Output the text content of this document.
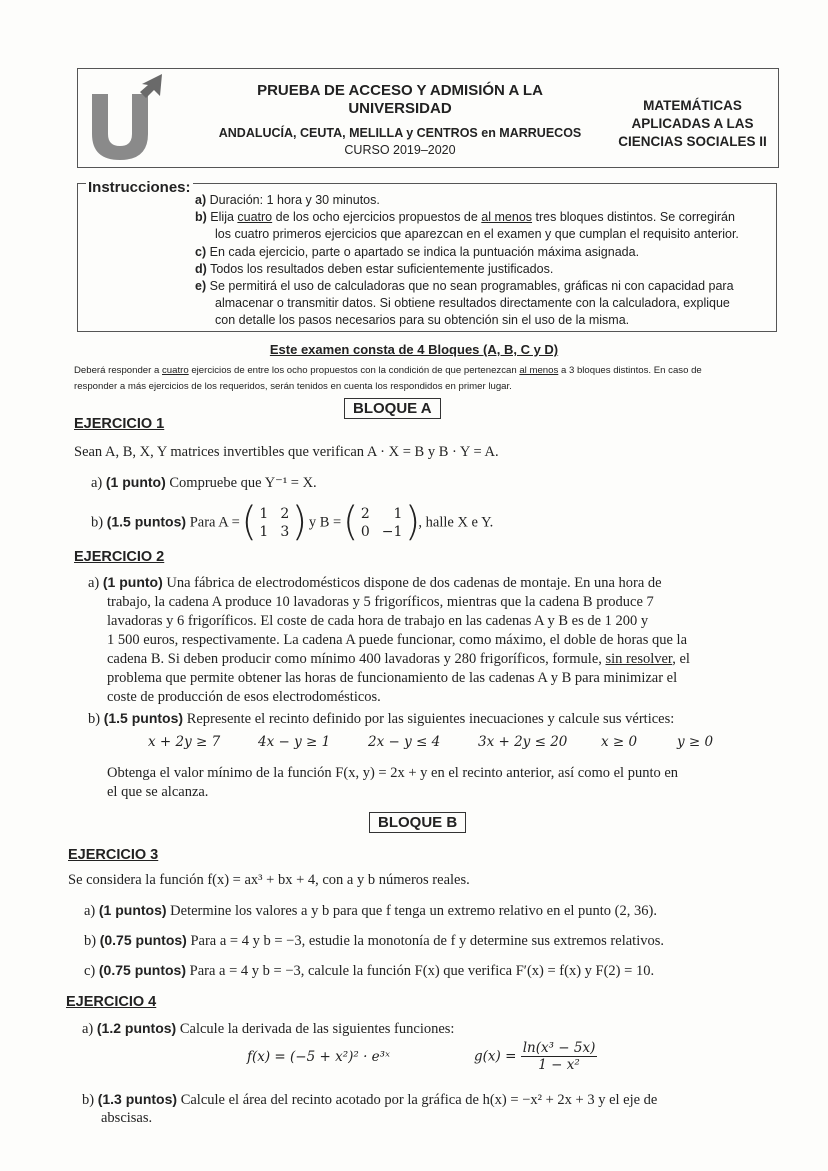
PRUEBA DE ACCESO Y ADMISIÓN A LA
UNIVERSIDAD
ANDALUCÍA, CEUTA, MELILLA y CENTROS en MARRUECOS
CURSO 2019–2020
MATEMÁTICAS
APLICADAS A LAS
CIENCIAS SOCIALES II
Instrucciones:
a) Duración: 1 hora y 30 minutos.
b) Elija cuatro de los ocho ejercicios propuestos de al menos tres bloques distintos. Se corregirán
los cuatro primeros ejercicios que aparezcan en el examen y que cumplan el requisito anterior.
c) En cada ejercicio, parte o apartado se indica la puntuación máxima asignada.
d) Todos los resultados deben estar suficientemente justificados.
e) Se permitirá el uso de calculadoras que no sean programables, gráficas ni con capacidad para
almacenar o transmitir datos. Si obtiene resultados directamente con la calculadora, explique
con detalle los pasos necesarios para su obtención sin el uso de la misma.
Este examen consta de 4 Bloques (A, B, C y D)
Deberá responder a cuatro ejercicios de entre los ocho propuestos con la condición de que pertenezcan al menos a 3 bloques distintos. En caso de
responder a más ejercicios de los requeridos, serán tenidos en cuenta los respondidos en primer lugar.
BLOQUE A
EJERCICIO 1
Sean A, B, X, Y matrices invertibles que verifican A · X = B y B · Y = A.
a) (1 punto) Compruebe que Y⁻¹ = X.
b) (1.5 puntos) Para A = ( 1	2
1	3 ) y B = ( 2	1
0	−1 )
, halle X e Y.
EJERCICIO 2
a) (1 punto) Una fábrica de electrodomésticos dispone de dos cadenas de montaje. En una hora de
trabajo, la cadena A produce 10 lavadoras y 5 frigoríficos, mientras que la cadena B produce 7
lavadoras y 6 frigoríficos. El coste de cada hora de trabajo en las cadenas A y B es de 1 200 y
1 500 euros, respectivamente. La cadena A puede funcionar, como máximo, el doble de horas que la
cadena B. Si deben producir como mínimo 400 lavadoras y 280 frigoríficos, formule, sin resolver, el
problema que permite obtener las horas de funcionamiento de las cadenas A y B para minimizar el
coste de producción de esos electrodomésticos.
b) (1.5 puntos) Represente el recinto definido por las siguientes inecuaciones y calcule sus vértices:
x + 2y ≥ 7	4x − y ≥ 1	2x − y ≤ 4	3x + 2y ≤ 20 x ≥ 0	y ≥ 0
Obtenga el valor mínimo de la función F(x, y) = 2x + y en el recinto anterior, así como el punto en
el que se alcanza.
BLOQUE B
EJERCICIO 3
Se considera la función f(x) = ax³ + bx + 4, con a y b números reales.
a) (1 puntos) Determine los valores a y b para que f tenga un extremo relativo en el punto (2, 36).
b) (0.75 puntos) Para a = 4 y b = −3, estudie la monotonía de f y determine sus extremos relativos.
c) (0.75 puntos) Para a = 4 y b = −3, calcule la función F(x) que verifica F′(x) = f(x) y F(2) = 10.
EJERCICIO 4
a) (1.2 puntos) Calcule la derivada de las siguientes funciones:
f(x) = (−5 + x²)² · e³ˣ	$g(x) = \frac{\text{ln(x³ − 5x)}}{\text{1 − x²}}$
b) (1.3 puntos) Calcule el área del recinto acotado por la gráfica de h(x) = −x² + 2x + 3 y el eje de
abscisas.
